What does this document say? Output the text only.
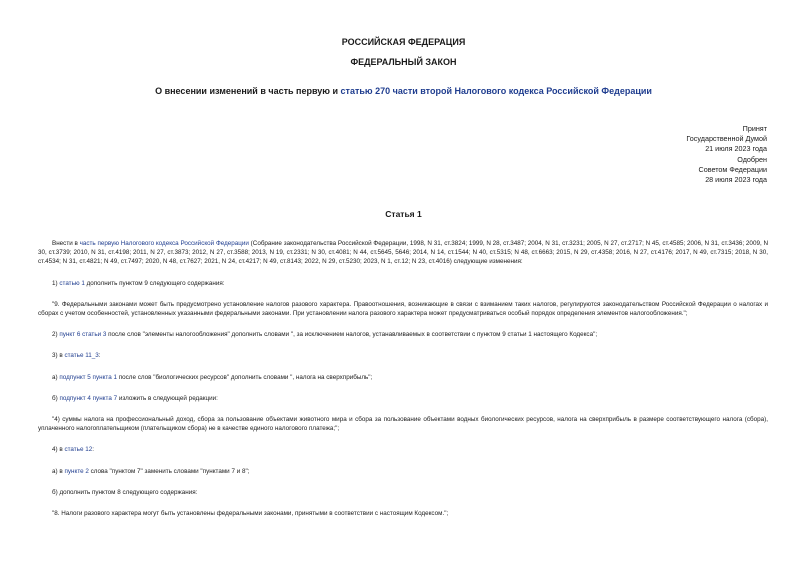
РОССИЙСКАЯ ФЕДЕРАЦИЯ
ФЕДЕРАЛЬНЫЙ ЗАКОН
О внесении изменений в часть первую и статью 270 части второй Налогового кодекса Российской Федерации
Принят
Государственной Думой
21 июля 2023 года
Одобрен
Советом Федерации
28 июля 2023 года
Статья 1

Внести в часть первую Налогового кодекса Российской Федерации (Собрание законодательства Российской Федерации, 1998, N 31, ст.3824; 1999, N 28, ст.3487; 2004, N 31, ст.3231; 2005, N 27, ст.2717; N 45, ст.4585; 2006, N 31, ст.3436; 2009, N 30, ст.3739; 2010, N 31, ст.4198; 2011, N 27, ст.3873; 2012, N 27, ст.3588; 2013, N 19, ст.2331; N 30, ст.4081; N 44, ст.5645, 5646; 2014, N 14, ст.1544; N 40, ст.5315; N 48, ст.6663; 2015, N 29, ст.4358; 2016, N 27, ст.4176; 2017, N 49, ст.7315; 2018, N 30, ст.4534; N 31, ст.4821; N 49, ст.7497; 2020, N 48, ст.7627; 2021, N 24, ст.4217; N 49, ст.8143; 2022, N 29, ст.5230; 2023, N 1, ст.12; N 23, ст.4016) следующие изменения:

1) статью 1 дополнить пунктом 9 следующего содержания:

"9. Федеральными законами может быть предусмотрено установление налогов разового характера. Правоотношения, возникающие в связи с взиманием таких налогов, регулируются законодательством Российской Федерации о налогах и сборах с учетом особенностей, установленных указанными федеральными законами. При установлении налога разового характера может предусматриваться особый порядок определения элементов налогообложения.";

2) пункт 6 статьи 3 после слов "элементы налогообложения" дополнить словами ", за исключением налогов, устанавливаемых в соответствии с пунктом 9 статьи 1 настоящего Кодекса";

3) в статье 11_3:

а) подпункт 5 пункта 1 после слов "биологических ресурсов" дополнить словами ", налога на сверхприбыль";

б) подпункт 4 пункта 7 изложить в следующей редакции:

"4) суммы налога на профессиональный доход, сбора за пользование объектами животного мира и сбора за пользование объектами водных биологических ресурсов, налога на сверхприбыль в размере соответствующего налога (сбора), уплаченного налогоплательщиком (плательщиком сбора) не в качестве единого налогового платежа;";

4) в статье 12:

а) в пункте 2 слова "пунктом 7" заменить словами "пунктами 7 и 8";

б) дополнить пунктом 8 следующего содержания:

"8. Налоги разового характера могут быть установлены федеральными законами, принятыми в соответствии с настоящим Кодексом.";
